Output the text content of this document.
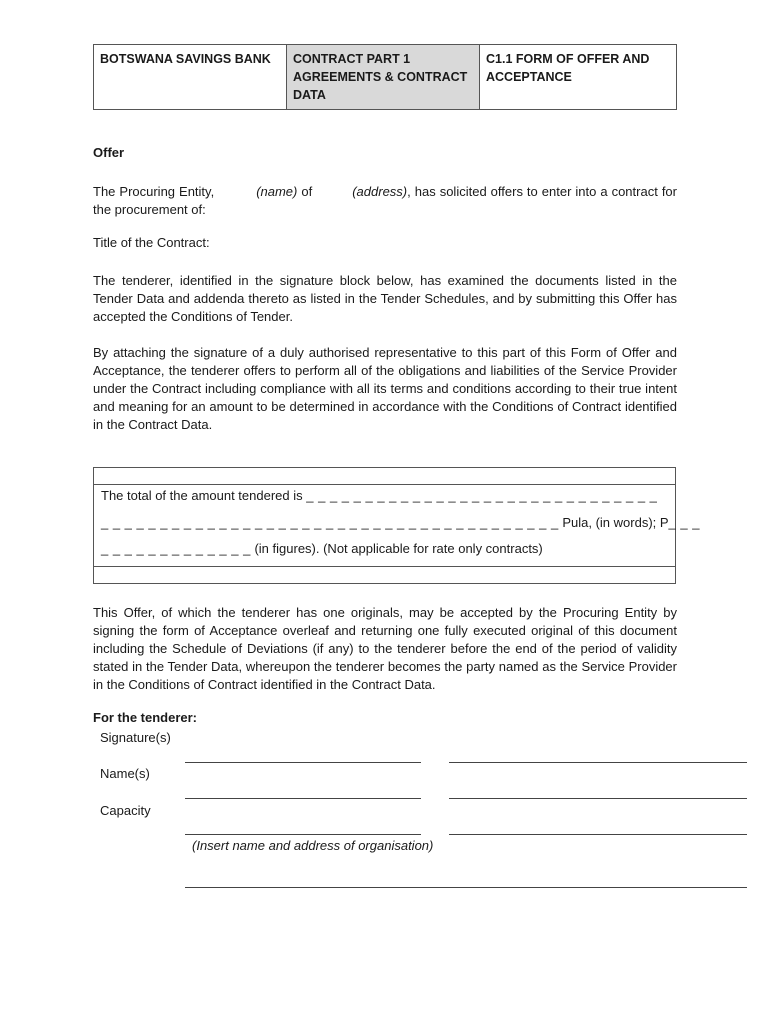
BOTSWANA SAVINGS BANK	CONTRACT PART 1 AGREEMENTS & CONTRACT DATA	C1.1 FORM OF OFFER AND ACCEPTANCE
Offer

The Procuring Entity,	(name) of	(address), has solicited offers to enter into a contract for the procurement of:

Title of the Contract:

The tenderer, identified in the signature block below, has examined the documents listed in the Tender Data and addenda thereto as listed in the Tender Schedules, and by submitting this Offer has accepted the Conditions of Tender.

By attaching the signature of a duly authorised representative to this part of this Form of Offer and Acceptance, the tenderer offers to perform all of the obligations and liabilities of the Service Provider under the Contract including compliance with all its terms and conditions according to their true intent and meaning for an amount to be determined in accordance with the Conditions of Contract identified in the Contract Data.

The total of the amount tendered is _ _ _ _ _ _ _ _ _ _ _ _ _ _ _ _ _ _ _ _ _ _ _ _ _ _ _ _ _ _
_ _ _ _ _ _ _ _ _ _ _ _ _ _ _ _ _ _ _ _ _ _ _ _ _ _ _ _ _ _ _ _ _ _ _ _ _ _ _ Pula, (in words); P_ _ _
_ _ _ _ _ _ _ _ _ _ _ _ _ (in figures). (Not applicable for rate only contracts)

This Offer, of which the tenderer has one originals, may be accepted by the Procuring Entity by signing the form of Acceptance overleaf and returning one fully executed original of this document including the Schedule of Deviations (if any) to the tenderer before the end of the period of validity stated in the Tender Data, whereupon the tenderer becomes the party named as the Service Provider in the Conditions of Contract identified in the Contract Data.

For the tenderer:
Signature(s)
Name(s)
Capacity
(Insert name and address of organisation)
